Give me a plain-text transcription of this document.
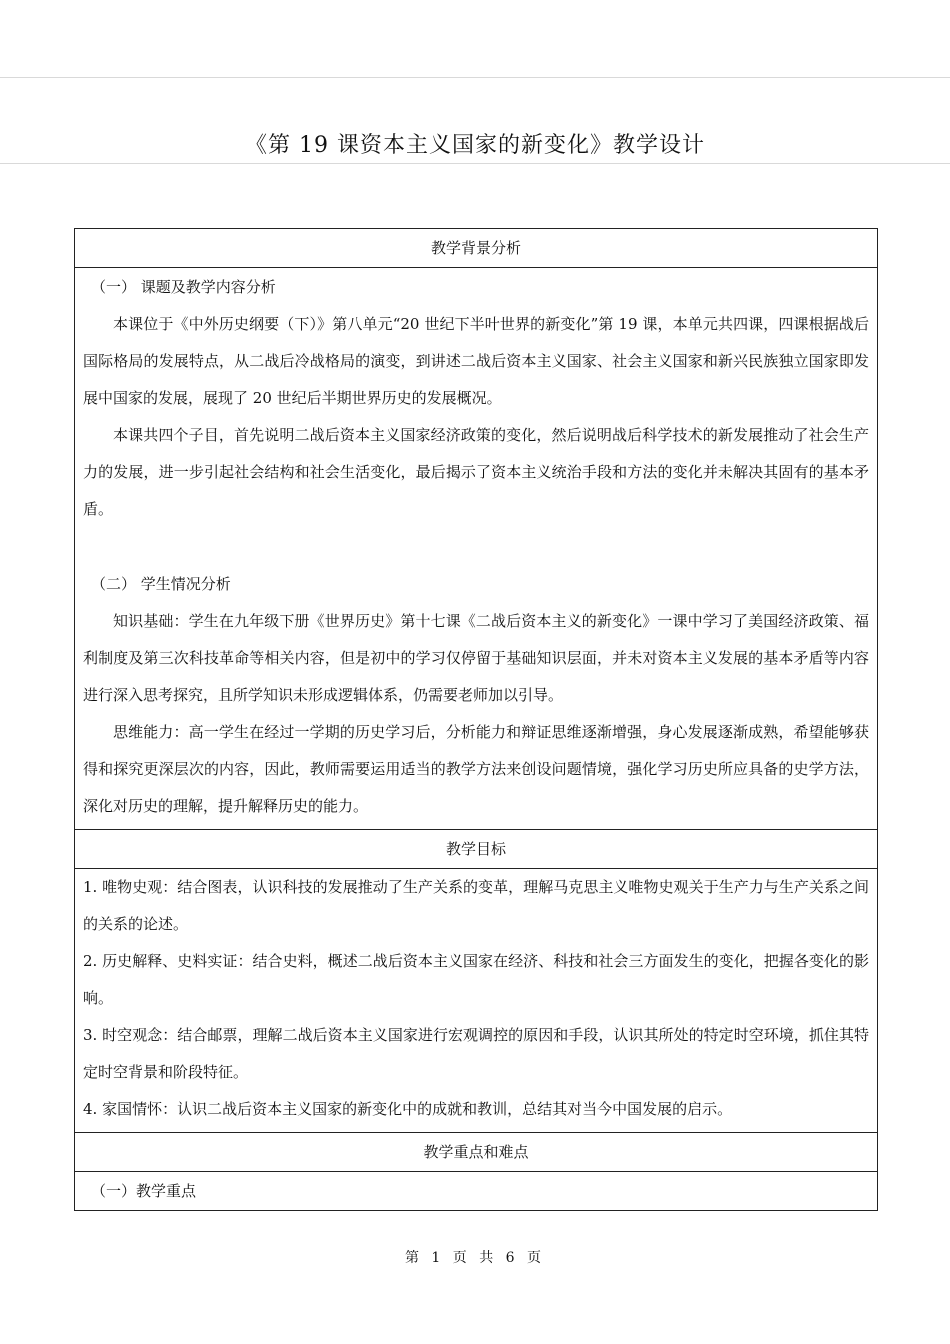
《第 19 课资本主义国家的新变化》教学设计
教学背景分析

（一） 课题及教学内容分析

本课位于《中外历史纲要（下）》第八单元“20 世纪下半叶世界的新变化”第 19 课，本单元共四课，四课根据战后国际格局的发展特点，从二战后冷战格局的演变，到讲述二战后资本主义国家、社会主义国家和新兴民族独立国家即发展中国家的发展，展现了 20 世纪后半期世界历史的发展概况。

本课共四个子目，首先说明二战后资本主义国家经济政策的变化，然后说明战后科学技术的新发展推动了社会生产力的发展，进一步引起社会结构和社会生活变化，最后揭示了资本主义统治手段和方法的变化并未解决其固有的基本矛盾。

（二） 学生情况分析

知识基础：学生在九年级下册《世界历史》第十七课《二战后资本主义的新变化》一课中学习了美国经济政策、福利制度及第三次科技革命等相关内容，但是初中的学习仅停留于基础知识层面，并未对资本主义发展的基本矛盾等内容进行深入思考探究，且所学知识未形成逻辑体系，仍需要老师加以引导。

思维能力：高一学生在经过一学期的历史学习后，分析能力和辩证思维逐渐增强，身心发展逐渐成熟，希望能够获得和探究更深层次的内容，因此，教师需要运用适当的教学方法来创设问题情境，强化学习历史所应具备的史学方法，深化对历史的理解，提升解释历史的能力。

教学目标

1. 唯物史观：结合图表，认识科技的发展推动了生产关系的变革，理解马克思主义唯物史观关于生产力与生产关系之间的关系的论述。

2. 历史解释、史料实证：结合史料，概述二战后资本主义国家在经济、科技和社会三方面发生的变化，把握各变化的影响。

3. 时空观念：结合邮票，理解二战后资本主义国家进行宏观调控的原因和手段，认识其所处的特定时空环境，抓住其特定时空背景和阶段特征。

4. 家国情怀：认识二战后资本主义国家的新变化中的成就和教训，总结其对当今中国发展的启示。

教学重点和难点

（一）教学重点
第 1 页 共 6 页
